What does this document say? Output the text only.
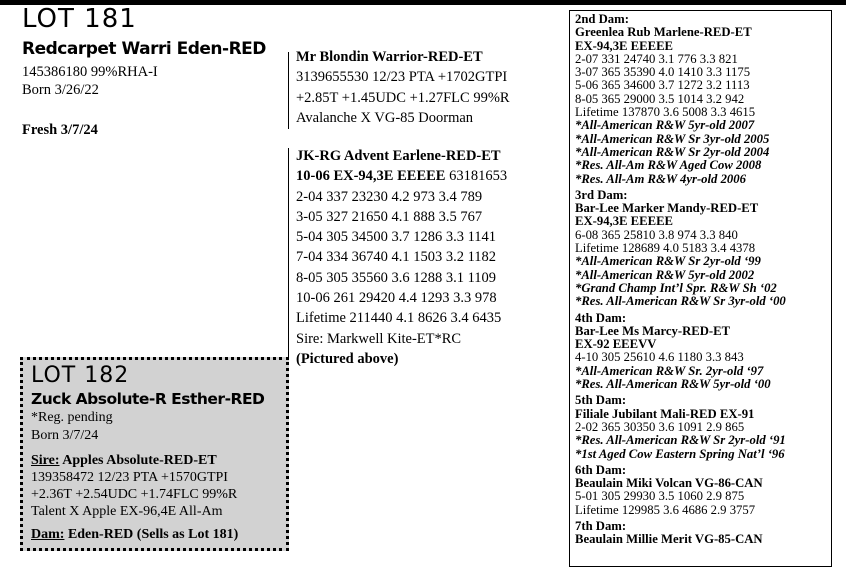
LOT 181
Redcarpet Warri Eden-RED
145386180 99%RHA-I
Born 3/26/22
Fresh 3/7/24
Mr Blondin Warrior-RED-ET
3139655530 12/23 PTA +1702GTPI
+2.85T +1.45UDC +1.27FLC 99%R
Avalanche X VG-85 Doorman
JK-RG Advent Earlene-RED-ET
10-06 EX-94,3E EEEEE 63181653
2-04 337 23230 4.2 973 3.4 789
3-05 327 21650 4.1 888 3.5 767
5-04 305 34500 3.7 1286 3.3 1141
7-04 334 36740 4.1 1503 3.2 1182
8-05 305 35560 3.6 1288 3.1 1109
10-06 261 29420 4.4 1293 3.3 978
Lifetime 211440 4.1 8626 3.4 6435
Sire: Markwell Kite-ET*RC
(Pictured above)
2nd Dam:
Greenlea Rub Marlene-RED-ET
EX-94,3E EEEEE
2-07 331 24740 3.1 776 3.3 821
3-07 365 35390 4.0 1410 3.3 1175
5-06 365 34600 3.7 1272 3.2 1113
8-05 365 29000 3.5 1014 3.2 942
Lifetime 137870 3.6 5008 3.3 4615
*All-American R&W 5yr-old 2007
*All-American R&W Sr 3yr-old 2005
*All-American R&W Sr 2yr-old 2004
*Res. All-Am R&W Aged Cow 2008
*Res. All-Am R&W 4yr-old 2006
3rd Dam:
Bar-Lee Marker Mandy-RED-ET
EX-94,3E EEEEE
6-08 365 25810 3.8 974 3.3 840
Lifetime 128689 4.0 5183 3.4 4378
*All-American R&W Sr 2yr-old ‘99
*All-American R&W 5yr-old 2002
*Grand Champ Int’l Spr. R&W Sh ‘02
*Res. All-American R&W Sr 3yr-old ‘00
4th Dam:
Bar-Lee Ms Marcy-RED-ET
EX-92 EEEVV
4-10 305 25610 4.6 1180 3.3 843
*All-American R&W Sr. 2yr-old ‘97
*Res. All-American R&W 5yr-old ‘00
5th Dam:
Filiale Jubilant Mali-RED EX-91
2-02 365 30350 3.6 1091 2.9 865
*Res. All-American R&W Sr 2yr-old ‘91
*1st Aged Cow Eastern Spring Nat’l ‘96
6th Dam:
Beaulain Miki Volcan VG-86-CAN
5-01 305 29930 3.5 1060 2.9 875
Lifetime 129985 3.6 4686 2.9 3757
7th Dam:
Beaulain Millie Merit VG-85-CAN
LOT 182
Zuck Absolute-R Esther-RED
*Reg. pending
Born 3/7/24
Sire: Apples Absolute-RED-ET
139358472 12/23 PTA +1570GTPI
+2.36T +2.54UDC +1.74FLC 99%R
Talent X Apple EX-96,4E All-Am
Dam: Eden-RED (Sells as Lot 181)
